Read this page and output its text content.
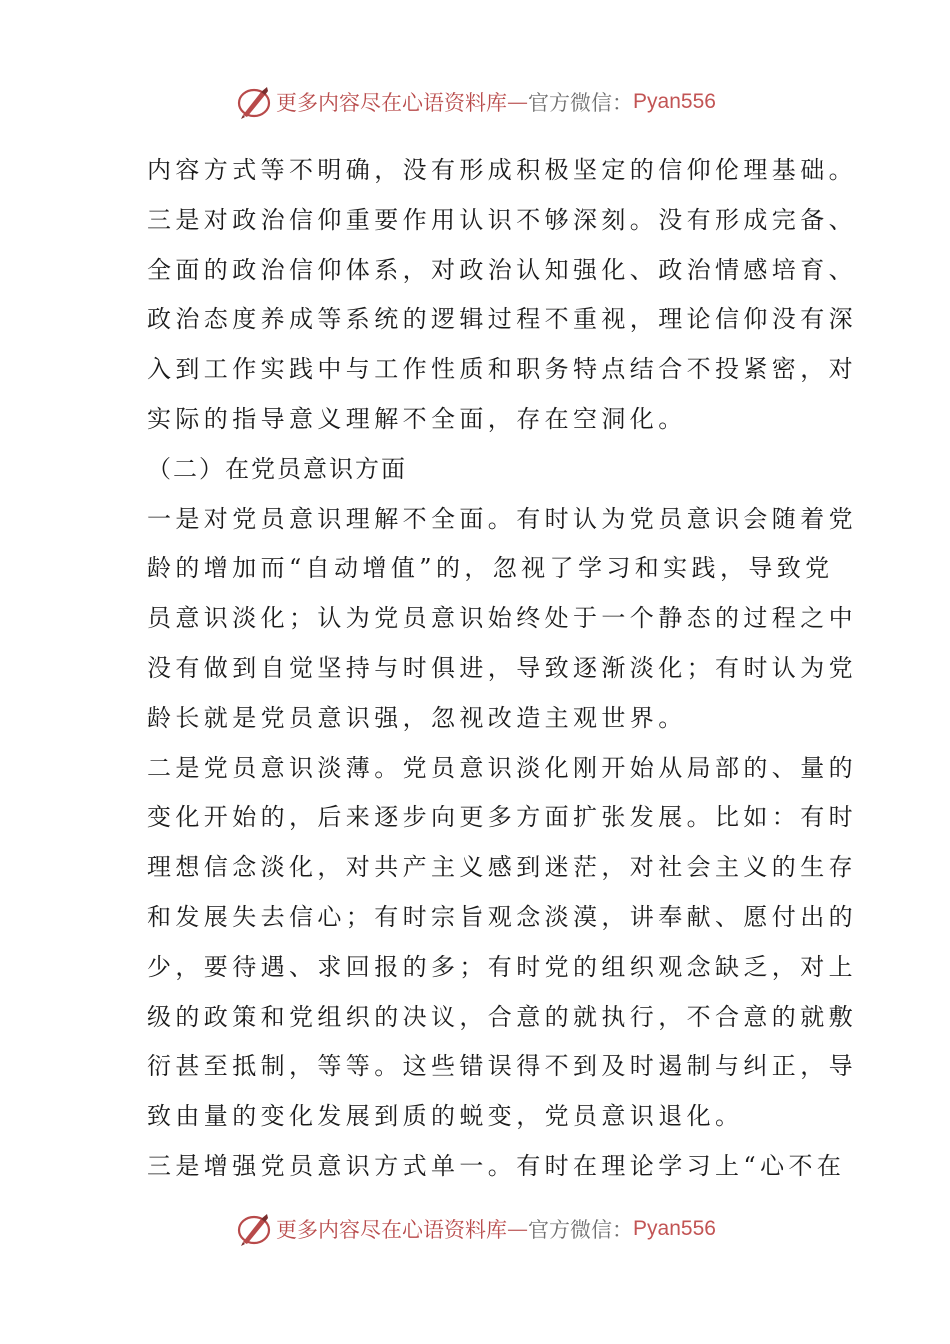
更多内容尽在心语资料库 — 官方微信： Pyan556
内容方式等不明确，没有形成积极坚定的信仰伦理基础。
三是对政治信仰重要作用认识不够深刻。没有形成完备、
全面的政治信仰体系，对政治认知强化、政治情感培育、
政治态度养成等系统的逻辑过程不重视，理论信仰没有深
入到工作实践中与工作性质和职务特点结合不投紧密，对
实际的指导意义理解不全面，存在空洞化。
（二）在党员意识方面
一是对党员意识理解不全面。有时认为党员意识会随着党
龄的增加而“自动增值”的，忽视了学习和实践，导致党
员意识淡化；认为党员意识始终处于一个静态的过程之中
没有做到自觉坚持与时俱进，导致逐渐淡化；有时认为党
龄长就是党员意识强，忽视改造主观世界。
二是党员意识淡薄。党员意识淡化刚开始从局部的、量的
变化开始的，后来逐步向更多方面扩张发展。比如：有时
理想信念淡化，对共产主义感到迷茫，对社会主义的生存
和发展失去信心；有时宗旨观念淡漠，讲奉献、愿付出的
少，要待遇、求回报的多；有时党的组织观念缺乏，对上
级的政策和党组织的决议，合意的就执行，不合意的就敷
衍甚至抵制，等等。这些错误得不到及时遏制与纠正，导
致由量的变化发展到质的蜕变，党员意识退化。
三是增强党员意识方式单一。有时在理论学习上“心不在
更多内容尽在心语资料库 — 官方微信： Pyan556
